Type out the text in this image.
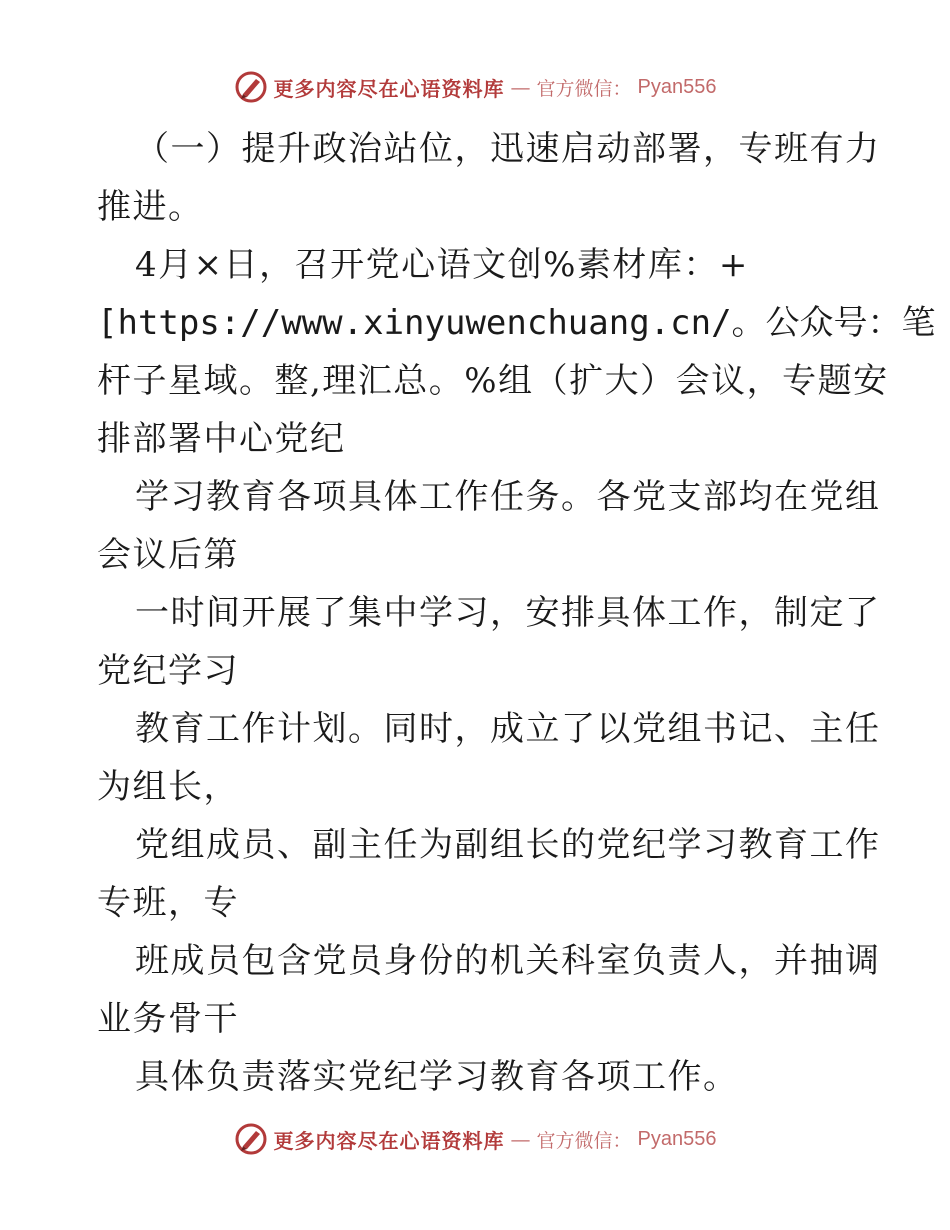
更多内容尽在心语资料库 — 官方微信： Pyan556
（一）提升政治站位，迅速启动部署，专班有力
推进。
4月×日，召开党心语文创%素材库：+
[https://www.xinyuwenchuang.cn/。公众号：笔
杆子星域。整,理汇总。%组（扩大）会议，专题安
排部署中心党纪
学习教育各项具体工作任务。各党支部均在党组
会议后第
一时间开展了集中学习，安排具体工作，制定了
党纪学习
教育工作计划。同时，成立了以党组书记、主任
为组长，
党组成员、副主任为副组长的党纪学习教育工作
专班，专
班成员包含党员身份的机关科室负责人，并抽调
业务骨干
具体负责落实党纪学习教育各项工作。
更多内容尽在心语资料库 — 官方微信： Pyan556
